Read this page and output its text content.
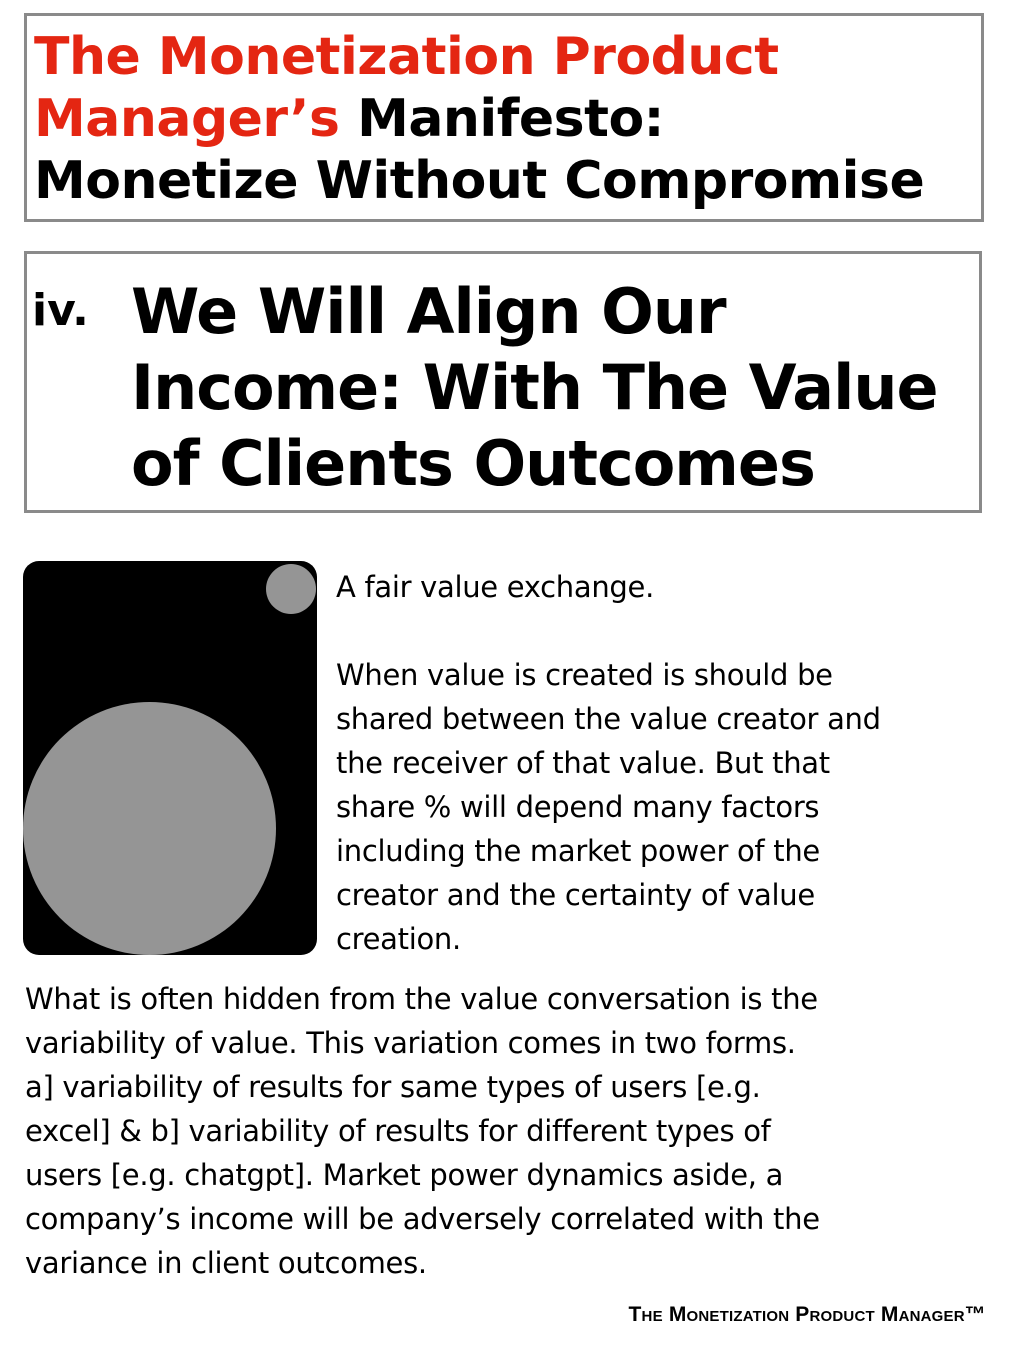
The Monetization Product
Manager’s Manifesto:
Monetize Without Compromise
iv. We Will Align Our
Income: With The Value
of Clients Outcomes
A fair value exchange.
When value is created is should be
shared between the value creator and
the receiver of that value. But that
share % will depend many factors
including the market power of the
creator and the certainty of value
creation.
What is often hidden from the value conversation is the
variability of value. This variation comes in two forms.
a] variability of results for same types of users [e.g.
excel] & b] variability of results for different types of
users [e.g. chatgpt]. Market power dynamics aside, a
company’s income will be adversely correlated with the
variance in client outcomes.
The Monetization Product Manager™
